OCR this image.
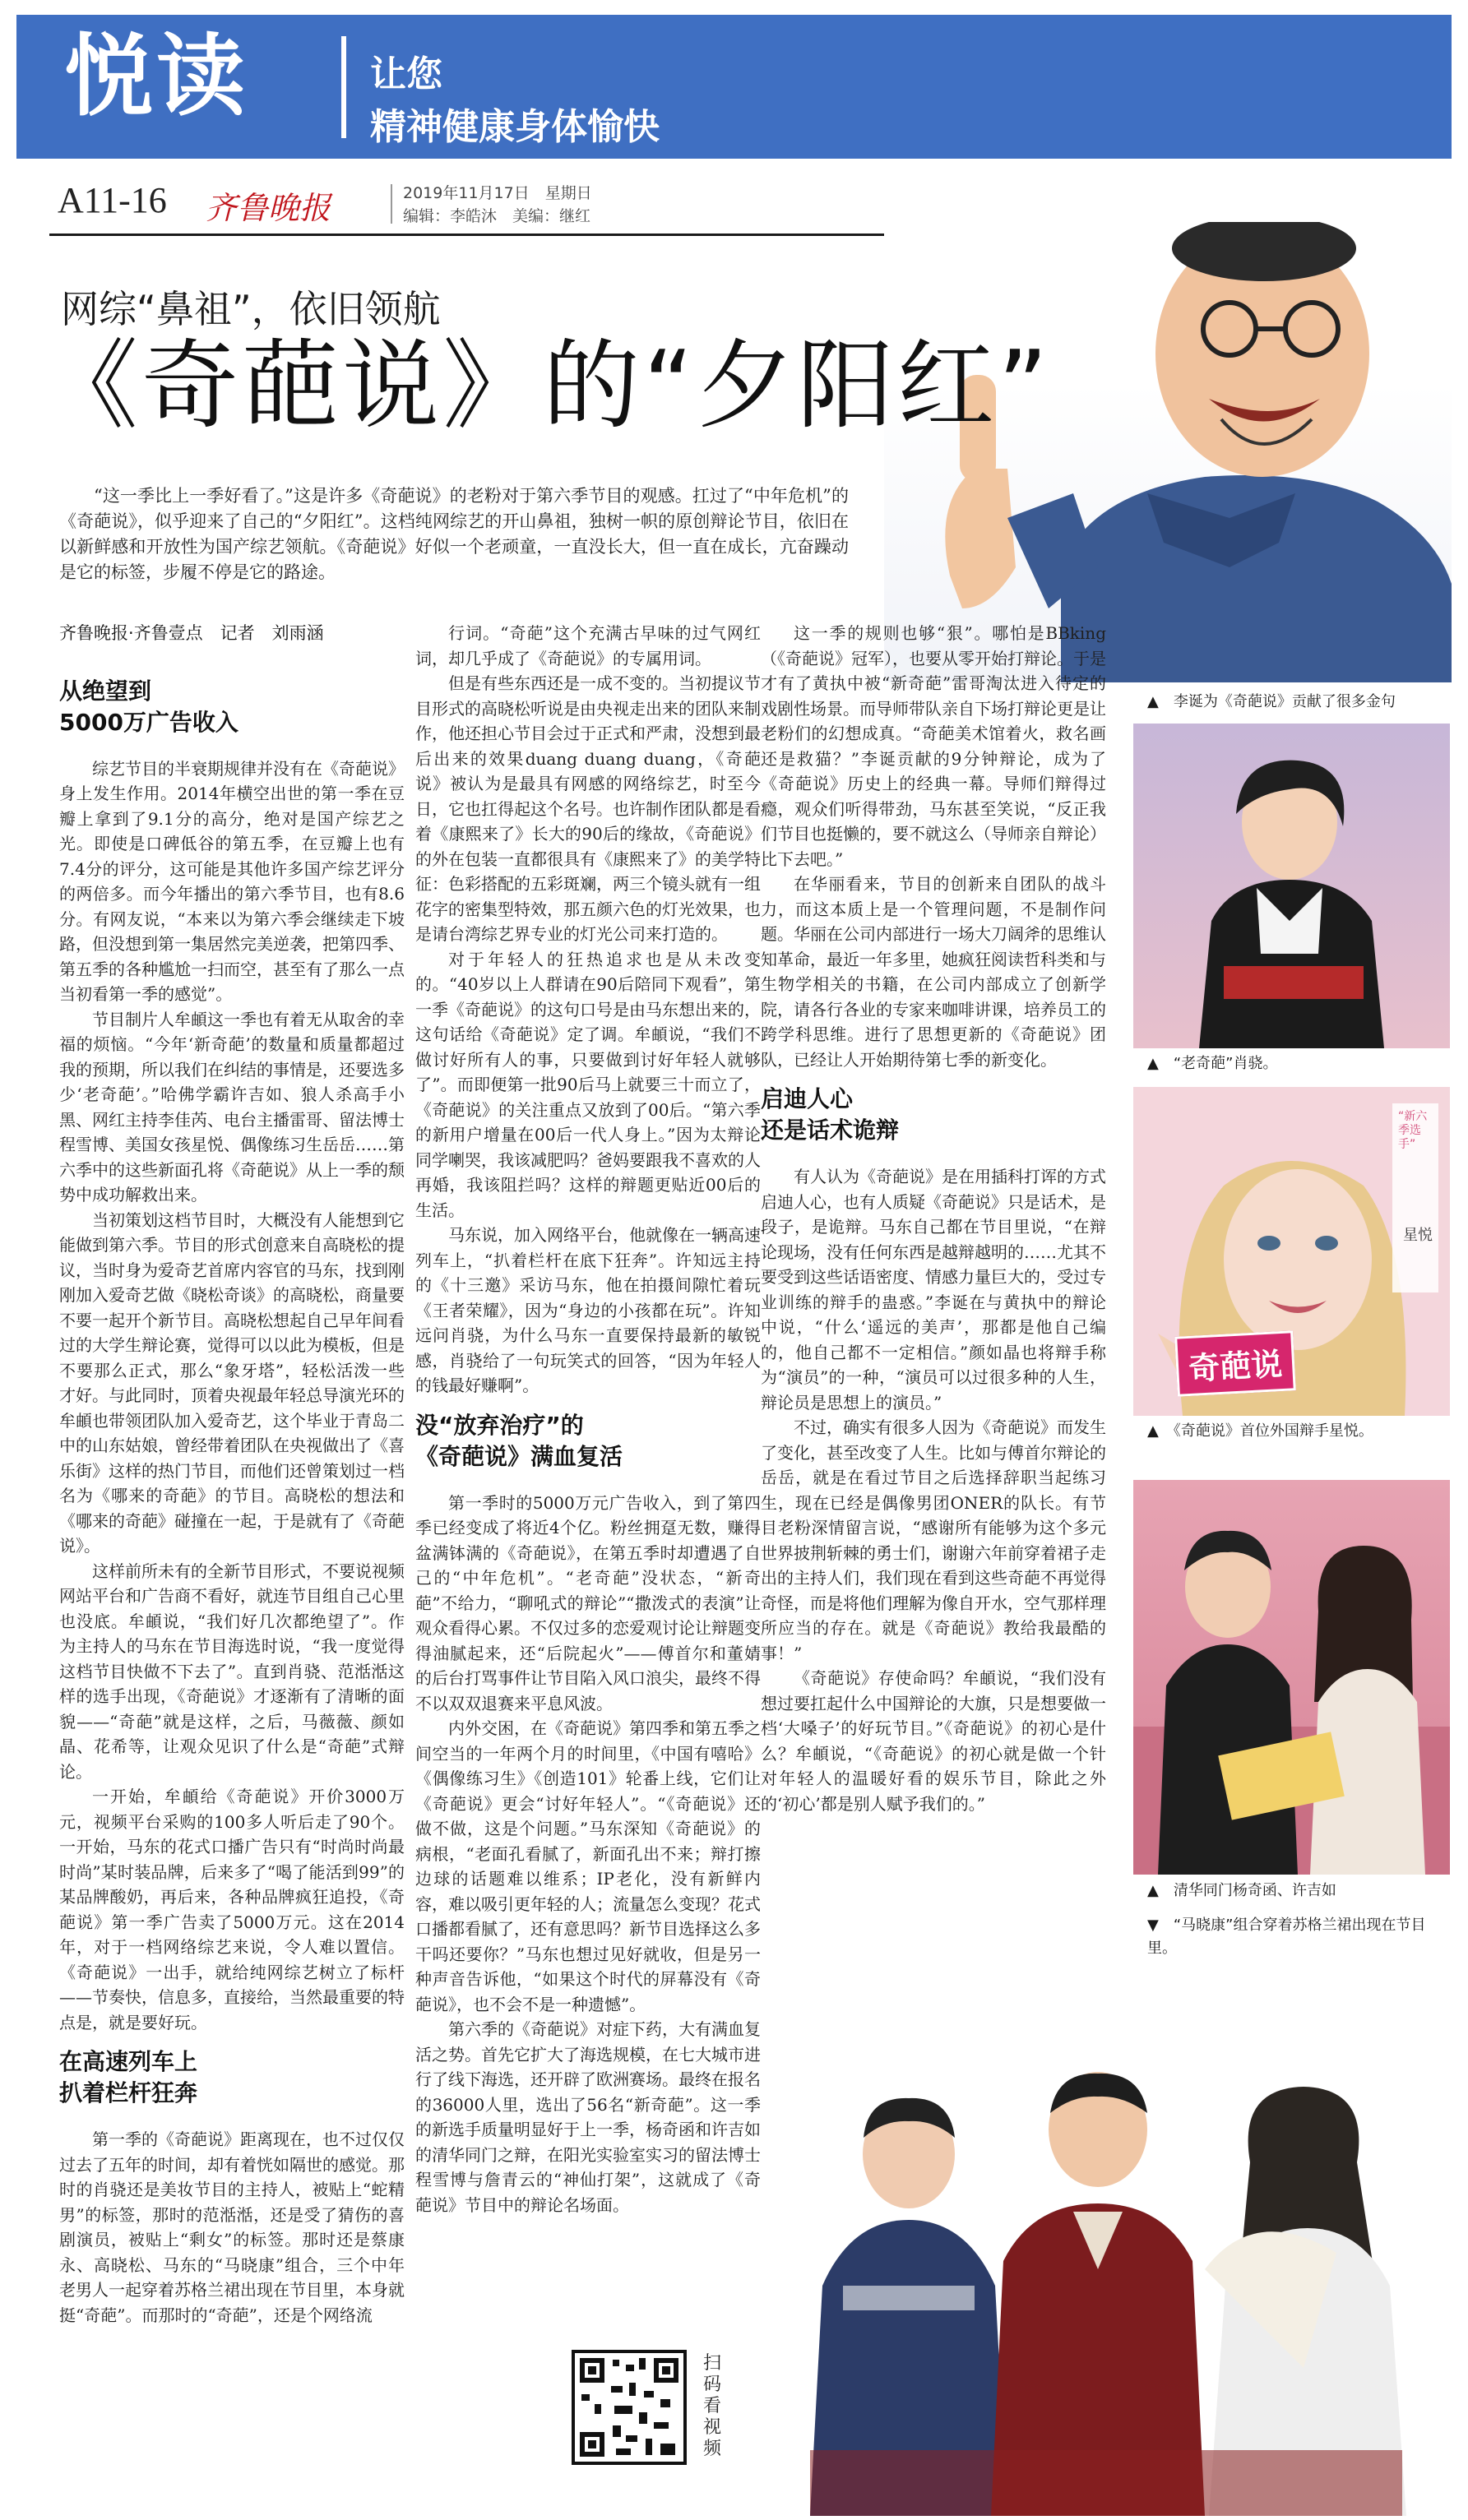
悦读	让您
精神健康身体愉快
A11-16 齐鲁晚报	2019年11月17日　星期日
编辑：李皓沐　美编：继红
网综“鼻祖”，依旧领航
《奇葩说》的“夕阳红”
“这一季比上一季好看了。”这是许多《奇葩说》的老粉对于第六季节目的观感。扛过了“中年危机”的《奇葩说》，似乎迎来了自己的“夕阳红”。这档纯网综艺的开山鼻祖，独树一帜的原创辩论节目，依旧在以新鲜感和开放性为国产综艺领航。《奇葩说》好似一个老顽童，一直没长大，但一直在成长，亢奋躁动是它的标签，步履不停是它的路途。
齐鲁晚报·齐鲁壹点　记者　刘雨涵
从绝望到
5000万广告收入

综艺节目的半衰期规律并没有在《奇葩说》身上发生作用。2014年横空出世的第一季在豆瓣上拿到了9.1分的高分，绝对是国产综艺之光。即使是口碑低谷的第五季，在豆瓣上也有7.4分的评分，这可能是其他许多国产综艺评分的两倍多。而今年播出的第六季节目，也有8.6分。有网友说，“本来以为第六季会继续走下坡路，但没想到第一集居然完美逆袭，把第四季、第五季的各种尴尬一扫而空，甚至有了那么一点当初看第一季的感觉”。

节目制片人牟頔这一季也有着无从取舍的幸福的烦恼。“今年‘新奇葩’的数量和质量都超过我的预期，所以我们在纠结的事情是，还要选多少‘老奇葩’。”哈佛学霸许吉如、狼人杀高手小黑、网红主持李佳芮、电台主播雷哥、留法博士程雪博、美国女孩星悦、偶像练习生岳岳……第六季中的这些新面孔将《奇葩说》从上一季的颓势中成功解救出来。

当初策划这档节目时，大概没有人能想到它能做到第六季。节目的形式创意来自高晓松的提议，当时身为爱奇艺首席内容官的马东，找到刚刚加入爱奇艺做《晓松奇谈》的高晓松，商量要不要一起开个新节目。高晓松想起自己早年间看过的大学生辩论赛，觉得可以以此为模板，但是不要那么正式，那么“象牙塔”，轻松活泼一些才好。与此同时，顶着央视最年轻总导演光环的牟頔也带领团队加入爱奇艺，这个毕业于青岛二中的山东姑娘，曾经带着团队在央视做出了《喜乐街》这样的热门节目，而他们还曾策划过一档名为《哪来的奇葩》的节目。高晓松的想法和《哪来的奇葩》碰撞在一起，于是就有了《奇葩说》。

这样前所未有的全新节目形式，不要说视频网站平台和广告商不看好，就连节目组自己心里也没底。牟頔说，“我们好几次都绝望了”。作为主持人的马东在节目海选时说，“我一度觉得这档节目快做不下去了”。直到肖骁、范湉湉这样的选手出现，《奇葩说》才逐渐有了清晰的面貌——“奇葩”就是这样，之后，马薇薇、颜如晶、花希等，让观众见识了什么是“奇葩”式辩论。

一开始，牟頔给《奇葩说》开价3000万元，视频平台采购的100多人听后走了90个。一开始，马东的花式口播广告只有“时尚时尚最时尚”某时装品牌，后来多了“喝了能活到99”的某品牌酸奶，再后来，各种品牌疯狂追投，《奇葩说》第一季广告卖了5000万元。这在2014年，对于一档网络综艺来说，令人难以置信。《奇葩说》一出手，就给纯网综艺树立了标杆——节奏快，信息多，直接给，当然最重要的特点是，就是要好玩。

在高速列车上
扒着栏杆狂奔

第一季的《奇葩说》距离现在，也不过仅仅过去了五年的时间，却有着恍如隔世的感觉。那时的肖骁还是美妆节目的主持人，被贴上“蛇精男”的标签，那时的范湉湉，还是受了猜伤的喜剧演员，被贴上“剩女”的标签。那时还是蔡康永、高晓松、马东的“马晓康”组合，三个中年老男人一起穿着苏格兰裙出现在节目里，本身就挺“奇葩”。而那时的“奇葩”，还是个网络流

行词。“奇葩”这个充满古早味的过气网红词，却几乎成了《奇葩说》的专属用词。

但是有些东西还是一成不变的。当初提议节目形式的高晓松听说是由央视走出来的团队来制作，他还担心节目会过于正式和严肃，没想到最后出来的效果duang duang duang，《奇葩说》被认为是最具有网感的网络综艺，时至今日，它也扛得起这个名号。也许制作团队都是看着《康熙来了》长大的90后的缘故，《奇葩说》的外在包装一直都很具有《康熙来了》的美学特征：色彩搭配的五彩斑斓，两三个镜头就有一组花字的密集型特效，那五颜六色的灯光效果，也是请台湾综艺界专业的灯光公司来打造的。

对于年轻人的狂热追求也是从未改变的。“40岁以上人群请在90后陪同下观看”，第一季《奇葩说》的这句口号是由马东想出来的，这句话给《奇葩说》定了调。牟頔说，“我们不做讨好所有人的事，只要做到讨好年轻人就够了”。而即便第一批90后马上就要三十而立了，《奇葩说》的关注重点又放到了00后。“第六季的新用户增量在00后一代人身上。”因为太辩论同学喇哭，我该减肥吗？爸妈要跟我不喜欢的人再婚，我该阻拦吗？这样的辩题更贴近00后的生活。

马东说，加入网络平台，他就像在一辆高速列车上，“扒着栏杆在底下狂奔”。许知远主持的《十三邀》采访马东，他在拍摄间隙忙着玩《王者荣耀》，因为“身边的小孩都在玩”。许知远问肖骁，为什么马东一直要保持最新的敏锐感，肖骁给了一句玩笑式的回答，“因为年轻人的钱最好赚啊”。

没“放弃治疗”的
《奇葩说》满血复活

第一季时的5000万元广告收入，到了第四季已经变成了将近4个亿。粉丝拥趸无数，赚得盆满钵满的《奇葩说》，在第五季时却遭遇了自己的“中年危机”。“老奇葩”没状态，“新奇葩”不给力，“聊吼式的辩论”“撒泼式的表演”让观众看得心累。不仅过多的恋爱观讨论让辩题变得油腻起来，还“后院起火”——傅首尔和董婧的后台打骂事件让节目陷入风口浪尖，最终不得不以双双退赛来平息风波。

内外交困，在《奇葩说》第四季和第五季之间空当的一年两个月的时间里，《中国有嘻哈》《偶像练习生》《创造101》轮番上线，它们让《奇葩说》更会“讨好年轻人”。“《奇葩说》还做不做，这是个问题。”马东深知《奇葩说》的病根，“老面孔看腻了，新面孔出不来；辩打擦边球的话题难以维系；IP老化，没有新鲜内容，难以吸引更年轻的人；流量怎么变现？花式口播都看腻了，还有意思吗？新节目选择这么多干吗还要你？”马东也想过见好就收，但是另一种声音告诉他，“如果这个时代的屏幕没有《奇葩说》，也不会不是一种遗憾”。

第六季的《奇葩说》对症下药，大有满血复活之势。首先它扩大了海选规模，在七大城市进行了线下海选，还开辟了欧洲赛场。最终在报名的36000人里，选出了56名“新奇葩”。这一季的新选手质量明显好于上一季，杨奇函和许吉如的清华同门之辩，在阳光实验室实习的留法博士程雪博与詹青云的“神仙打架”，这就成了《奇葩说》节目中的辩论名场面。

这一季的规则也够“狠”。哪怕是BBking（《奇葩说》冠军），也要从零开始打辩论。于是才有了黄执中被“新奇葩”雷哥淘汰进入待定的戏剧性场景。而导师带队亲自下场打辩论更是让老粉们的幻想成真。“奇葩美术馆着火，救名画还是救猫？”李诞贡献的9分钟辩论，成为了《奇葩说》历史上的经典一幕。导师们辩得过瘾，观众们听得带劲，马东甚至笑说，“反正我们节目也挺懒的，要不就这么（导师亲自辩论）比下去吧。”

在华丽看来，节目的创新来自团队的战斗力，而这本质上是一个管理问题，不是制作问题。华丽在公司内部进行一场大刀阔斧的思维认知革命，最近一年多里，她疯狂阅读哲科类和与生物学相关的书籍，在公司内部成立了创新学院，请各行各业的专家来咖啡讲课，培养员工的跨学科思维。进行了思想更新的《奇葩说》团队，已经让人开始期待第七季的新变化。

启迪人心
还是话术诡辩

有人认为《奇葩说》是在用插科打诨的方式启迪人心，也有人质疑《奇葩说》只是话术，是段子，是诡辩。马东自己都在节目里说，“在辩论现场，没有任何东西是越辩越明的……尤其不要受到这些话语密度、情感力量巨大的，受过专业训练的辩手的蛊惑。”李诞在与黄执中的辩论中说，“什么‘遥远的美声’，那都是他自己编的，他自己都不一定相信。”颜如晶也将辩手称为“演员”的一种，“演员可以过很多种的人生，辩论员是思想上的演员。”

不过，确实有很多人因为《奇葩说》而发生了变化，甚至改变了人生。比如与傅首尔辩论的岳岳，就是在看过节目之后选择辞职当起练习生，现在已经是偶像男团ONER的队长。有节目老粉深情留言说，“感谢所有能够为这个多元世界披荆斩棘的勇士们，谢谢六年前穿着裙子走出的主持人们，我们现在看到这些奇葩不再觉得奇怪，而是将他们理解为像自开水，空气那样理所应当的存在。就是《奇葩说》教给我最酷的事！”

《奇葩说》存使命吗？牟頔说，“我们没有想过要扛起什么中国辩论的大旗，只是想要做一档‘大嗓子’的好玩节目。”《奇葩说》的初心是什么？牟頔说，“《奇葩说》的初心就是做一个针对年轻人的温暖好看的娱乐节目，除此之外的‘初心’都是别人赋予我们的。”

▲　李诞为《奇葩说》贡献了很多金句
▲　“老奇葩”肖骁。
“新六季选手”
星悦
奇葩说
▲　《奇葩说》首位外国辩手星悦。
▲　清华同门杨奇函、许吉如
▼　“马晓康”组合穿着苏格兰裙出现在节目里。
扫码看视频
